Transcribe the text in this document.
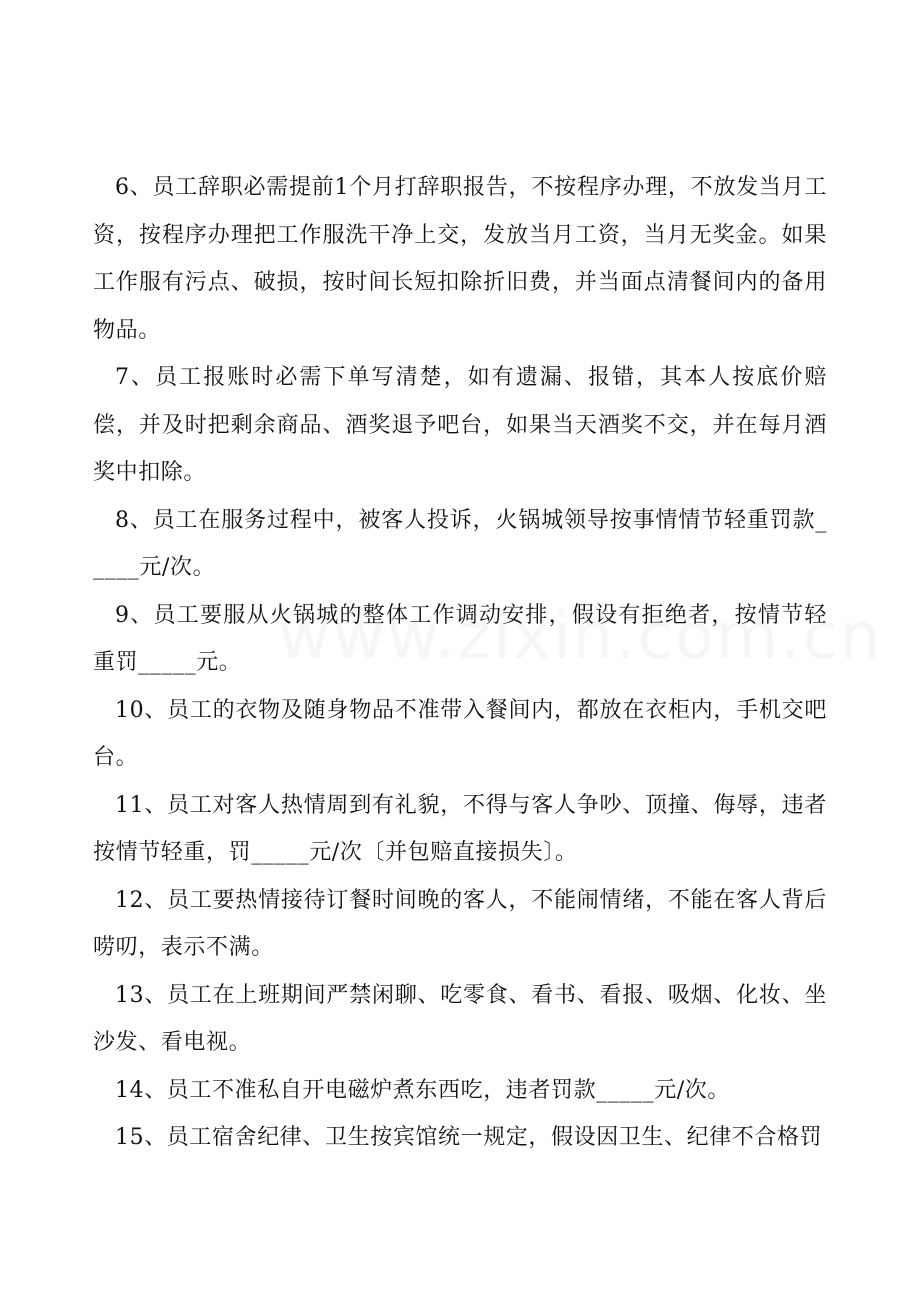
6、员工辞职必需提前1个月打辞职报告，不按程序办理，不放发当月工资，按程序办理把工作服洗干净上交，发放当月工资，当月无奖金。如果工作服有污点、破损，按时间长短扣除折旧费，并当面点清餐间内的备用物品。

7、员工报账时必需下单写清楚，如有遗漏、报错，其本人按底价赔偿，并及时把剩余商品、酒奖退予吧台，如果当天酒奖不交，并在每月酒奖中扣除。

8、员工在服务过程中，被客人投诉，火锅城领导按事情情节轻重罚款_____元/次。

9、员工要服从火锅城的整体工作调动安排，假设有拒绝者，按情节轻重罚_____元。

10、员工的衣物及随身物品不准带入餐间内，都放在衣柜内，手机交吧台。

11、员工对客人热情周到有礼貌，不得与客人争吵、顶撞、侮辱，违者按情节轻重，罚_____元/次〔并包赔直接损失〕。

12、员工要热情接待订餐时间晚的客人，不能闹情绪，不能在客人背后唠叨，表示不满。

13、员工在上班期间严禁闲聊、吃零食、看书、看报、吸烟、化妆、坐沙发、看电视。

14、员工不准私自开电磁炉煮东西吃，违者罚款_____元/次。

15、员工宿舍纪律、卫生按宾馆统一规定，假设因卫生、纪律不合格罚
